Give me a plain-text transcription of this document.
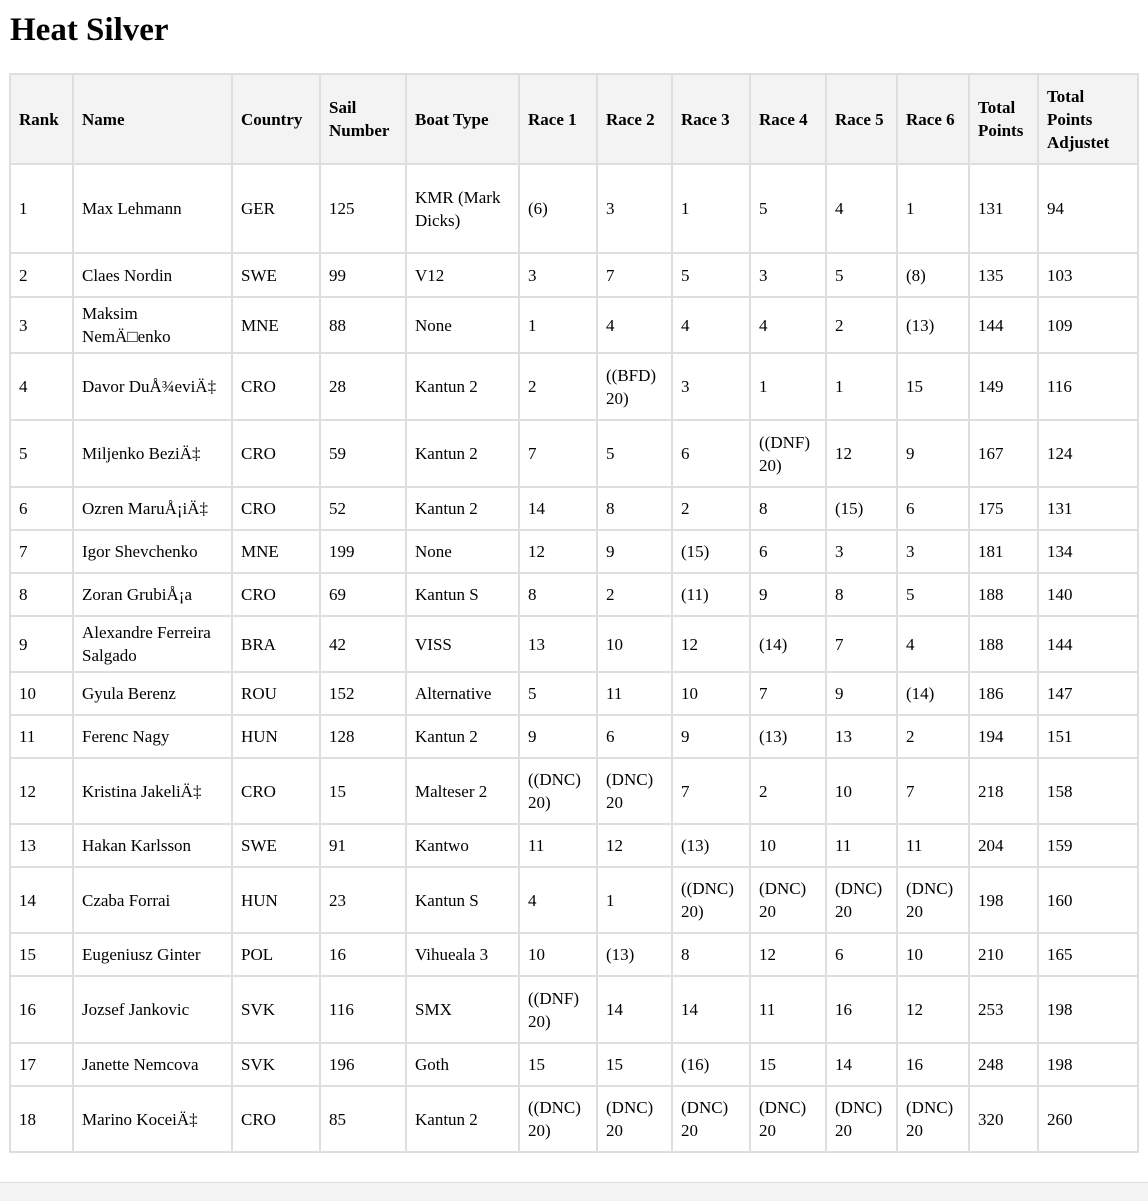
Heat Silver
Rank	Name	Country	Sail Number	Boat Type	Race 1	Race 2	Race 3	Race 4	Race 5	Race 6	Total Points	Total Points Adjustet
1	Max Lehmann	GER	125	KMR (Mark Dicks)	(6)	3	1	5	4	1	131	94
2	Claes Nordin	SWE	99	V12	3	7	5	3	5	(8)	135	103
3	Maksim NemÄ□enko	MNE	88	None	1	4	4	4	2	(13)	144	109
4	Davor DuÅ¾eviÄ‡	CRO	28	Kantun 2	2	((BFD) 20)	3	1	1	15	149	116
5	Miljenko BeziÄ‡	CRO	59	Kantun 2	7	5	6	((DNF) 20)	12	9	167	124
6	Ozren MaruÅ¡iÄ‡	CRO	52	Kantun 2	14	8	2	8	(15)	6	175	131
7	Igor Shevchenko	MNE	199	None	12	9	(15)	6	3	3	181	134
8	Zoran GrubiÅ¡a	CRO	69	Kantun S	8	2	(11)	9	8	5	188	140
9	Alexandre Ferreira Salgado	BRA	42	VISS	13	10	12	(14)	7	4	188	144
10	Gyula Berenz	ROU	152	Alternative	5	11	10	7	9	(14)	186	147
11	Ferenc Nagy	HUN	128	Kantun 2	9	6	9	(13)	13	2	194	151
12	Kristina JakeliÄ‡	CRO	15	Malteser 2	((DNC) 20)	(DNC) 20	7	2	10	7	218	158
13	Hakan Karlsson	SWE	91	Kantwo	11	12	(13)	10	11	11	204	159
14	Czaba Forrai	HUN	23	Kantun S	4	1	((DNC) 20)	(DNC) 20	(DNC) 20	(DNC) 20	198	160
15	Eugeniusz Ginter	POL	16	Vihueala 3	10	(13)	8	12	6	10	210	165
16	Jozsef Jankovic	SVK	116	SMX	((DNF) 20)	14	14	11	16	12	253	198
17	Janette Nemcova	SVK	196	Goth	15	15	(16)	15	14	16	248	198
18	Marino KoceiÄ‡	CRO	85	Kantun 2	((DNC) 20)	(DNC) 20	(DNC) 20	(DNC) 20	(DNC) 20	(DNC) 20	320	260
